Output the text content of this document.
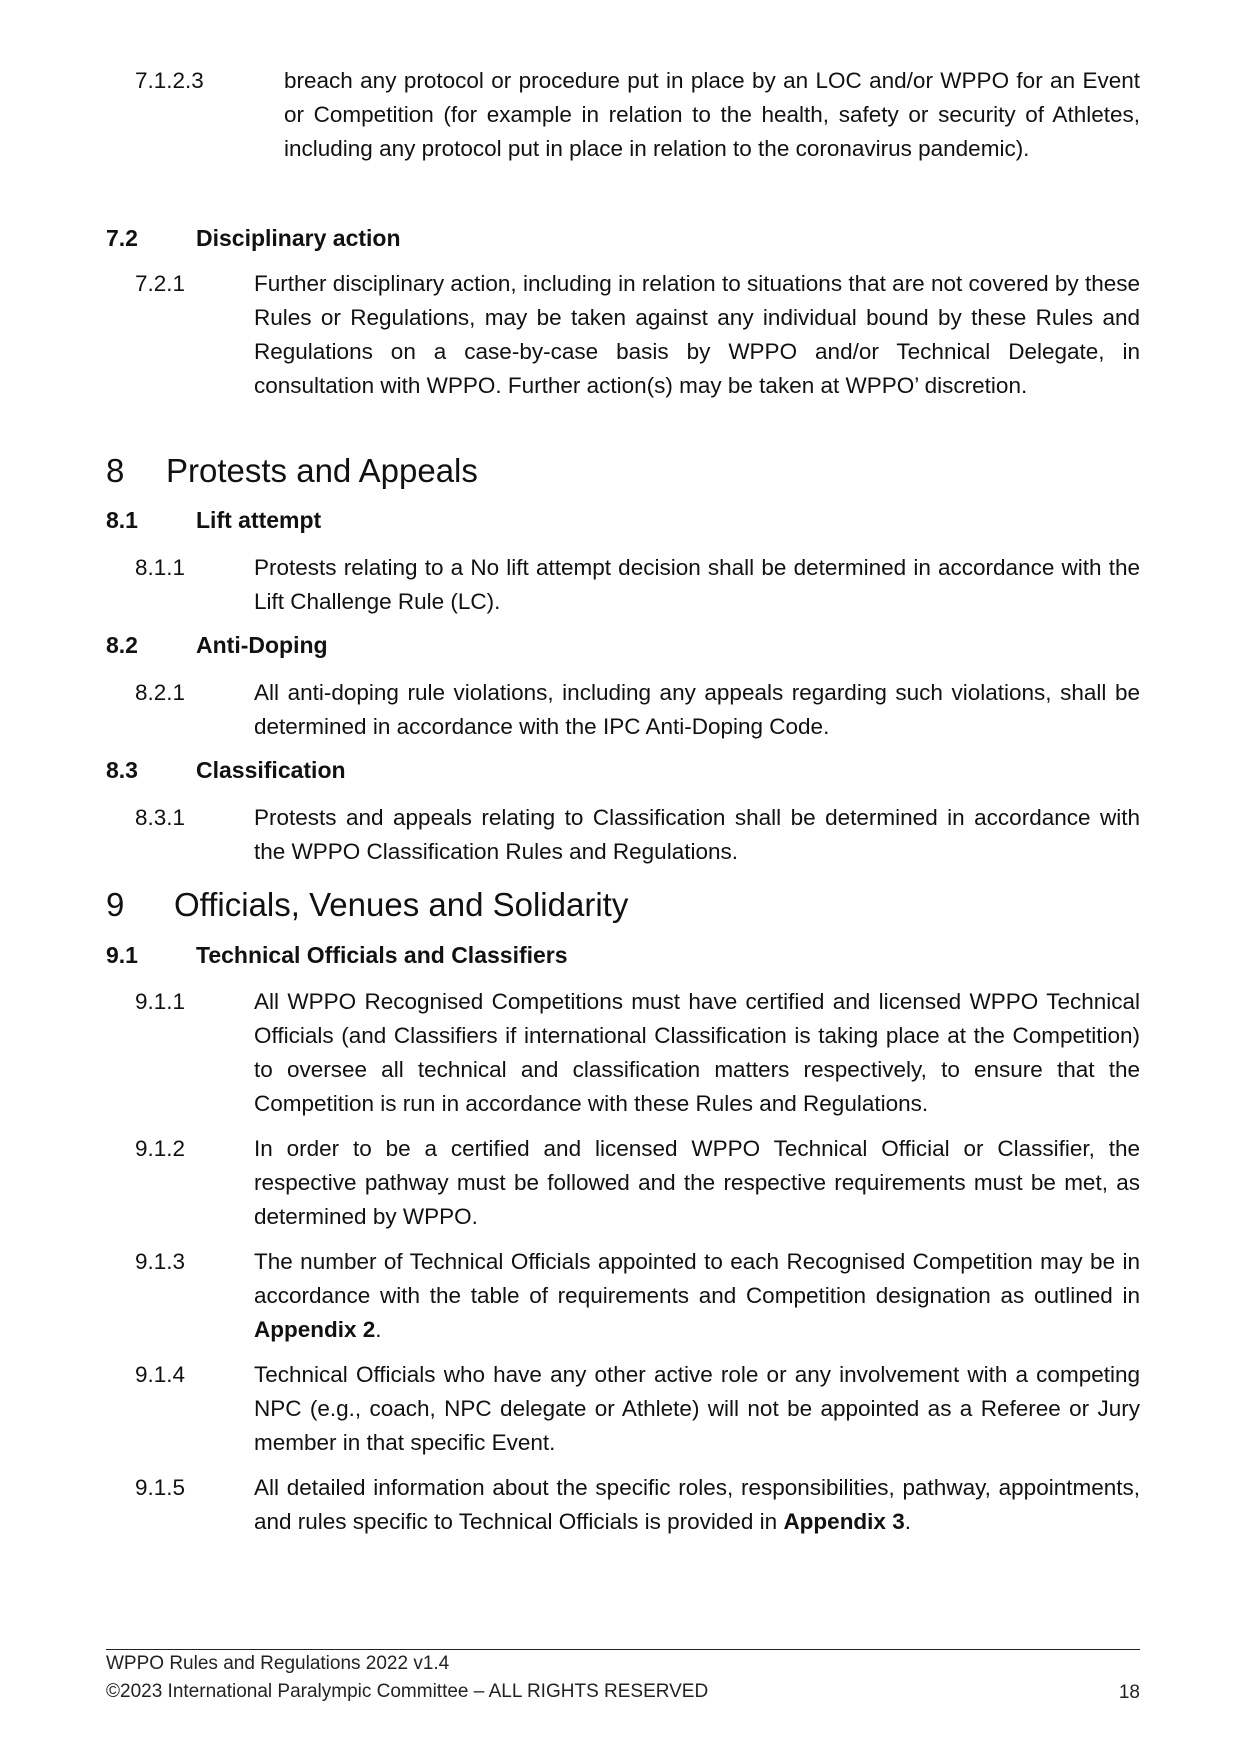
7.1.2.3	breach any protocol or procedure put in place by an LOC and/or WPPO for an Event or Competition (for example in relation to the health, safety or security of Athletes, including any protocol put in place in relation to the coronavirus pandemic).
7.2	Disciplinary action
7.2.1	Further disciplinary action, including in relation to situations that are not covered by these Rules or Regulations, may be taken against any individual bound by these Rules and Regulations on a case-by-case basis by WPPO and/or Technical Delegate, in consultation with WPPO. Further action(s) may be taken at WPPO’ discretion.
8 Protests and Appeals
8.1	Lift attempt
8.1.1	Protests relating to a No lift attempt decision shall be determined in accordance with the Lift Challenge Rule (LC).
8.2	Anti-Doping
8.2.1	All anti-doping rule violations, including any appeals regarding such violations, shall be determined in accordance with the IPC Anti-Doping Code.
8.3	Classification
8.3.1	Protests and appeals relating to Classification shall be determined in accordance with the WPPO Classification Rules and Regulations.
9 Officials, Venues and Solidarity
9.1	Technical Officials and Classifiers
9.1.1	All WPPO Recognised Competitions must have certified and licensed WPPO Technical Officials (and Classifiers if international Classification is taking place at the Competition) to oversee all technical and classification matters respectively, to ensure that the Competition is run in accordance with these Rules and Regulations.
9.1.2	In order to be a certified and licensed WPPO Technical Official or Classifier, the respective pathway must be followed and the respective requirements must be met, as determined by WPPO.
9.1.3	The number of Technical Officials appointed to each Recognised Competition may be in accordance with the table of requirements and Competition designation as outlined in Appendix 2.
9.1.4	Technical Officials who have any other active role or any involvement with a competing NPC (e.g., coach, NPC delegate or Athlete) will not be appointed as a Referee or Jury member in that specific Event.
9.1.5	All detailed information about the specific roles, responsibilities, pathway, appointments, and rules specific to Technical Officials is provided in Appendix 3.
WPPO Rules and Regulations 2022 v1.4
©2023 International Paralympic Committee – ALL RIGHTS RESERVED	18
